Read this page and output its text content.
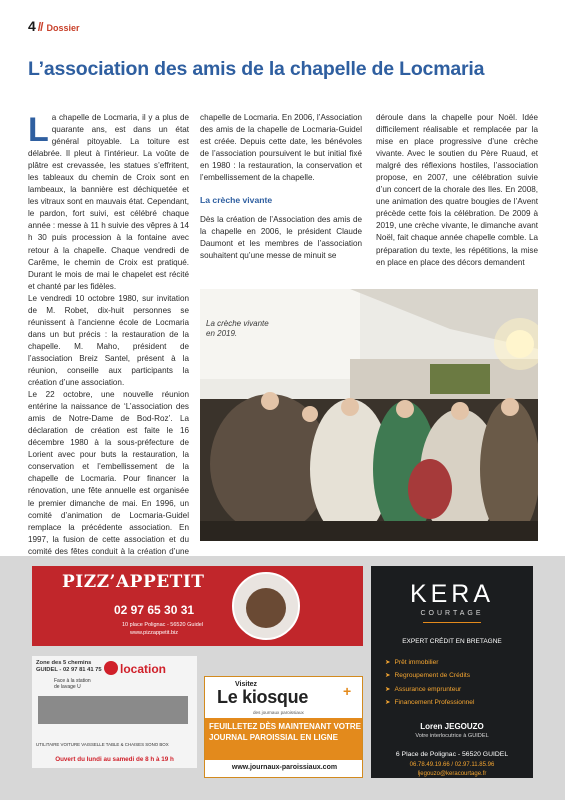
4 // Dossier
L’association des amis de la chapelle de Locmaria
L a chapelle de Locmaria, il y a plus de quarante ans, est dans un état général pitoyable. La toiture est délabrée. Il pleut à l’intérieur. La voûte de plâtre est crevassée, les statues s’effritent, les tableaux du chemin de Croix sont en lambeaux, la bannière est déchiquetée et les vitraux sont en mauvais état. Cependant, le pardon, fort suivi, est célébré chaque année : messe à 11 h suivie des vêpres à 14 h 30 puis procession à la fontaine avec retour à la chapelle. Chaque vendredi de Carême, le chemin de Croix est pratiqué. Durant le mois de mai le chapelet est récité et chanté par les fidèles.

Le vendredi 10 octobre 1980, sur invitation de M. Robet, dix-huit personnes se réunissent à l’ancienne école de Locmaria dans un but précis : la restauration de la chapelle. M. Maho, président de l’association Breiz Santel, présent à la réunion, conseille aux participants la création d’une association.

Le 22 octobre, une nouvelle réunion entérine la naissance de ‘L’association des amis de Notre-Dame de Bod-Roz’. La déclaration de création est faite le 16 décembre 1980 à la sous-préfecture de Lorient avec pour buts la restauration, la conservation et l’embellissement de la chapelle de Locmaria. Pour financer la rénovation, une fête annuelle est organisée le premier dimanche de mai. En 1996, un comité d’animation de Locmaria-Guidel remplace la précédente association. En 1997, la fusion de cette association et du comité des fêtes conduit à la création d’une

chapelle de Locmaria. En 2006, l’Association des amis de la chapelle de Locmaria-Guidel est créée. Depuis cette date, les bénévoles de l’association poursuivent le but initial fixé en 1980 : la restauration, la conservation et l’embellissement de la chapelle.

La crèche vivante

Dès la création de l’Association des amis de la chapelle en 2006, le président Claude Daumont et les membres de l’association souhaitent qu’une messe de minuit se

déroule dans la chapelle pour Noël. Idée difficilement réalisable et remplacée par la mise en place progressive d’une crèche vivante. Avec le soutien du Père Ruaud, et malgré des réflexions hostiles, l’association propose, en 2007, une célébration suivie d’un concert de la chorale des Iles. En 2008, une animation des quatre bougies de l’Avent précède cette fois la célébration. De 2009 à 2019, une crèche vivante, le dimanche avant Noël, fait chaque année chapelle comble. La préparation du texte, les répétitions, la mise en place en place des décors demandent

La crèche vivante
en 2019.
PIZZ’APPETIT
02 97 65 30 31
10 place Polignac - 56520 Guidel
www.pizzappetit.biz
Zone des 5 chemins
GUIDEL - 02 97 81 41 75 location
Face à la station
de lavage U
UTILITAIRE VOITURE VAISSELLE TABLE & CHAISES SONO BOX
Ouvert du lundi au samedi de 8 h à 19 h
Visitez
Le kiosque +
des journaux paroissiaux
FEUILLETEZ DÈS MAINTENANT VOTRE JOURNAL PAROISSIAL EN LIGNE
www.journaux-paroissiaux.com
KERA
COURTAGE
EXPERT CRÉDIT EN BRETAGNE
➤ Prêt immobilier
➤ Regroupement de Crédits
➤ Assurance emprunteur
➤ Financement Professionnel
Loren JEGOUZO
Votre interlocutrice à GUIDEL
6 Place de Polignac - 56520 GUIDEL
06.78.49.19.66 / 02.97.11.85.96
ljegouzo@keracourtage.fr
